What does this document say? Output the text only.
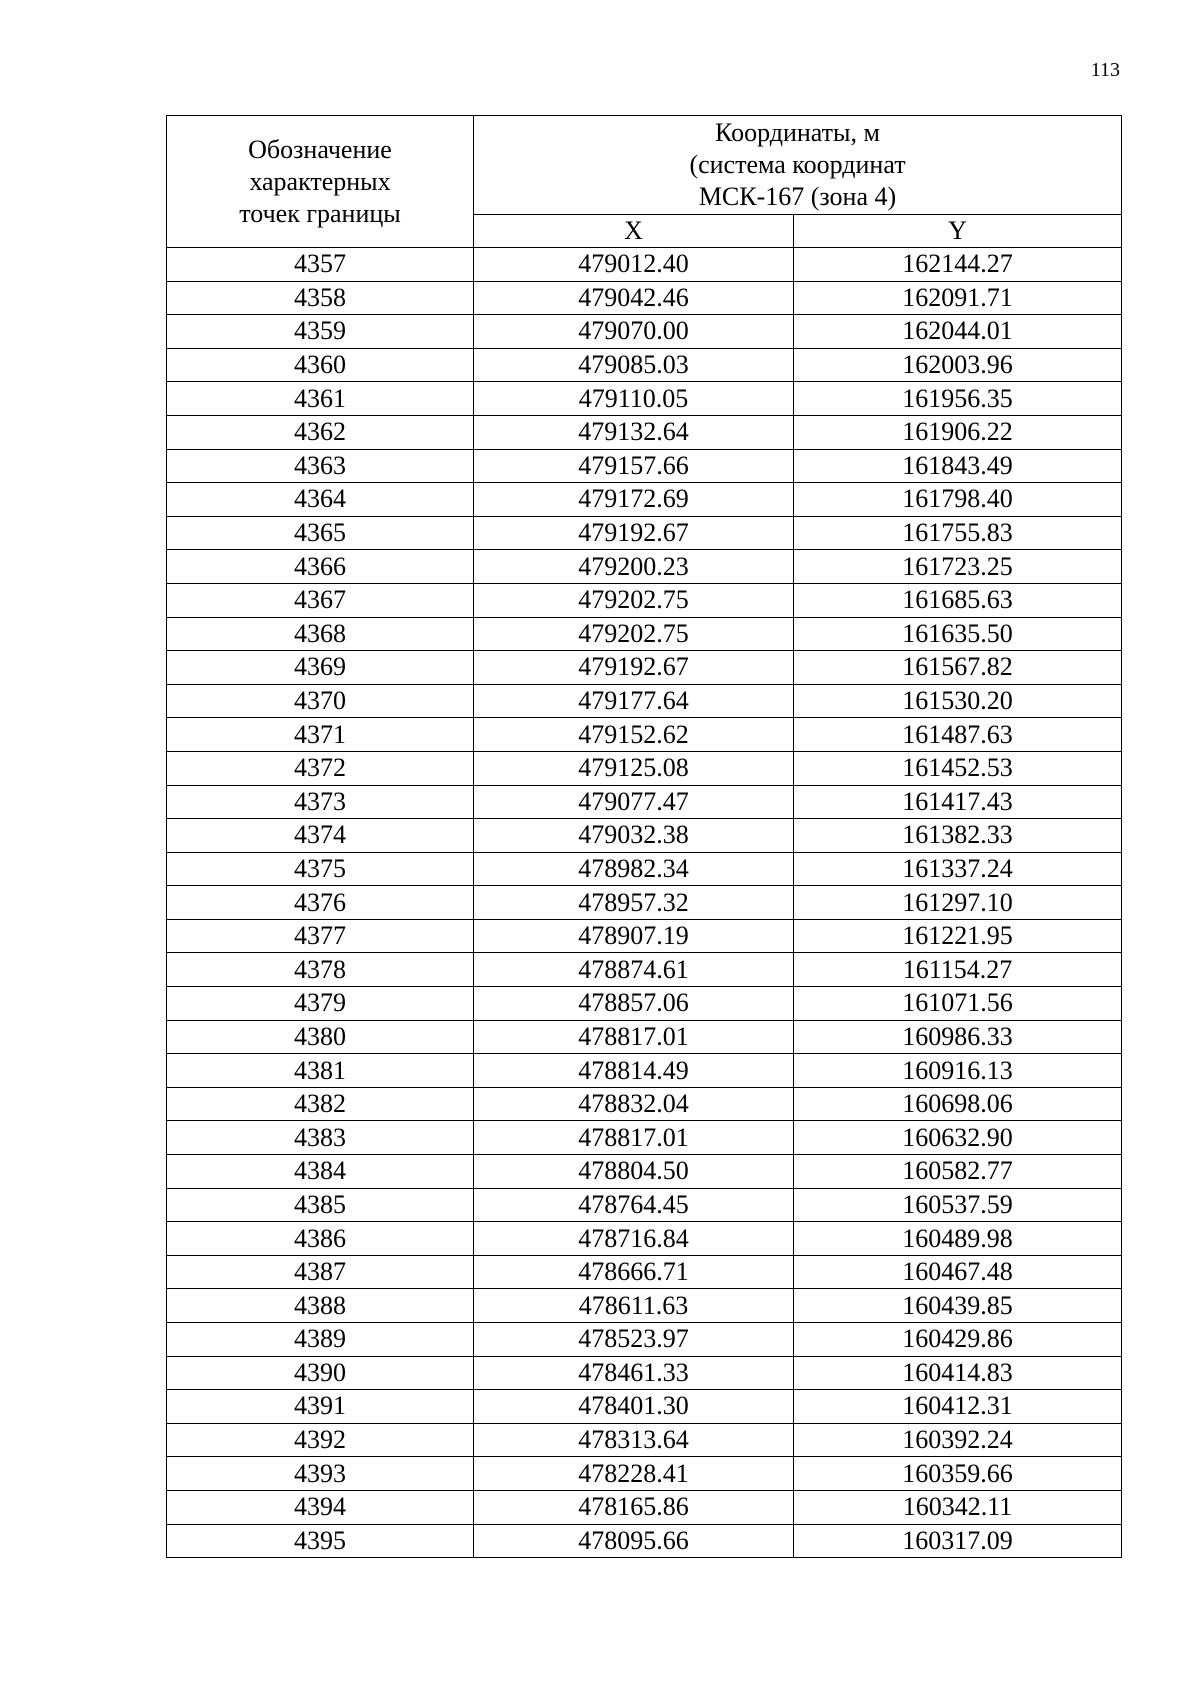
113
Обозначение
характерных
точек границы	Координаты, м
(система координат
МСК-167 (зона 4)	

	X	Y
4357	479012.40	162144.27
4358	479042.46	162091.71
4359	479070.00	162044.01
4360	479085.03	162003.96
4361	479110.05	161956.35
4362	479132.64	161906.22
4363	479157.66	161843.49
4364	479172.69	161798.40
4365	479192.67	161755.83
4366	479200.23	161723.25
4367	479202.75	161685.63
4368	479202.75	161635.50
4369	479192.67	161567.82
4370	479177.64	161530.20
4371	479152.62	161487.63
4372	479125.08	161452.53
4373	479077.47	161417.43
4374	479032.38	161382.33
4375	478982.34	161337.24
4376	478957.32	161297.10
4377	478907.19	161221.95
4378	478874.61	161154.27
4379	478857.06	161071.56
4380	478817.01	160986.33
4381	478814.49	160916.13
4382	478832.04	160698.06
4383	478817.01	160632.90
4384	478804.50	160582.77
4385	478764.45	160537.59
4386	478716.84	160489.98
4387	478666.71	160467.48
4388	478611.63	160439.85
4389	478523.97	160429.86
4390	478461.33	160414.83
4391	478401.30	160412.31
4392	478313.64	160392.24
4393	478228.41	160359.66
4394	478165.86	160342.11
4395	478095.66	160317.09
